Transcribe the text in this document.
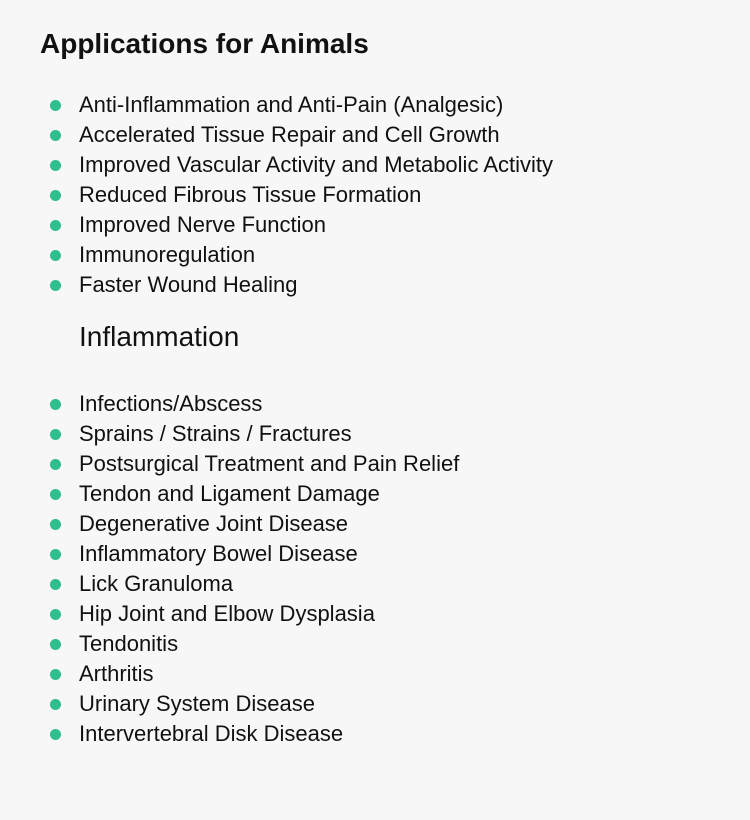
Applications for Animals
Anti-Inflammation and Anti-Pain (Analgesic)
Accelerated Tissue Repair and Cell Growth
Improved Vascular Activity and Metabolic Activity
Reduced Fibrous Tissue Formation
Improved Nerve Function
Immunoregulation
Faster Wound Healing
Inflammation
Infections/Abscess
Sprains / Strains / Fractures
Postsurgical Treatment and Pain Relief
Tendon and Ligament Damage
Degenerative Joint Disease
Inflammatory Bowel Disease
Lick Granuloma
Hip Joint and Elbow Dysplasia
Tendonitis
Arthritis
Urinary System Disease
Intervertebral Disk Disease
